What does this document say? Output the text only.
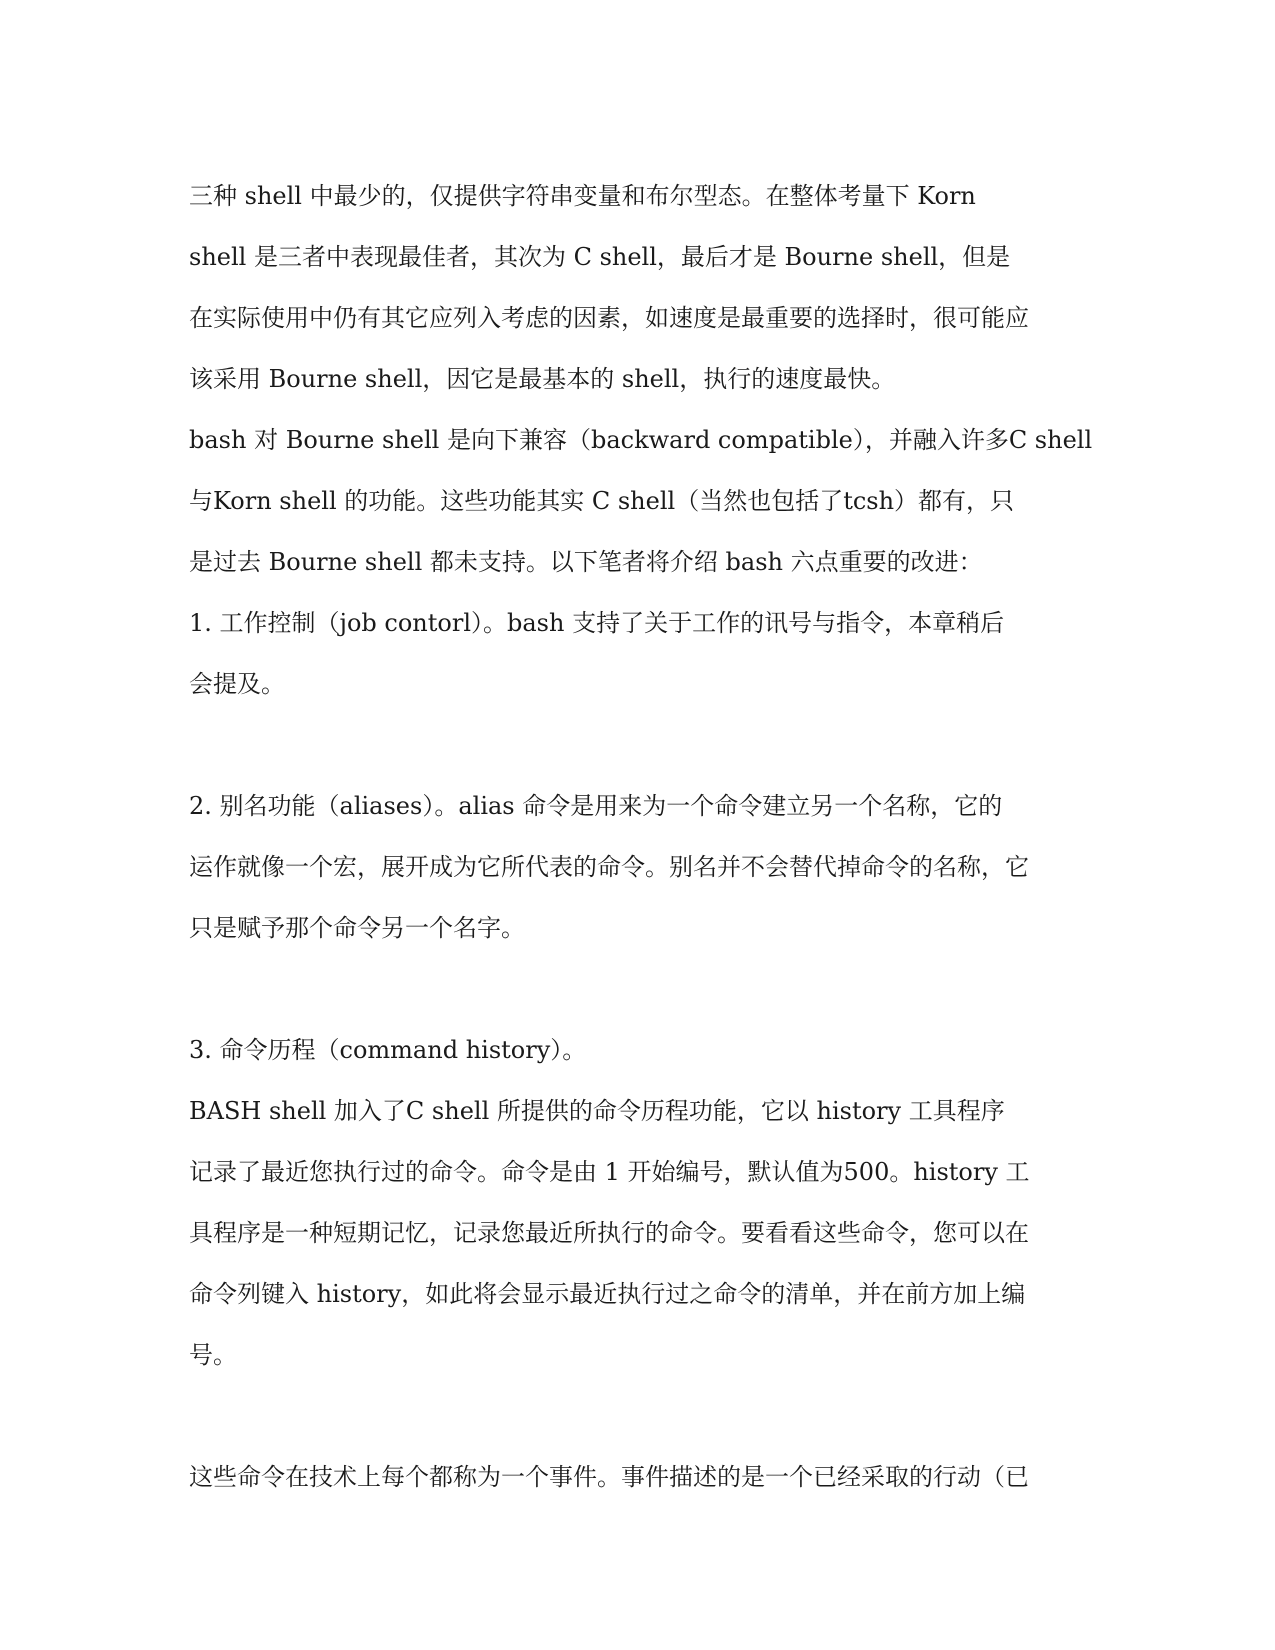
三种 shell 中最少的，仅提供字符串变量和布尔型态。在整体考量下 Korn
shell 是三者中表现最佳者，其次为 C shell，最后才是 Bourne shell，但是
在实际使用中仍有其它应列入考虑的因素，如速度是最重要的选择时，很可能应
该采用 Bourne shell，因它是最基本的 shell，执行的速度最快。
bash 对 Bourne shell 是向下兼容（backward compatible），并融入许多C shell
与Korn shell 的功能。这些功能其实 C shell（当然也包括了tcsh）都有，只
是过去 Bourne shell 都未支持。以下笔者将介绍 bash 六点重要的改进：
1. 工作控制（job contorl）。bash 支持了关于工作的讯号与指令，本章稍后
会提及。
2. 别名功能（aliases）。alias 命令是用来为一个命令建立另一个名称，它的
运作就像一个宏，展开成为它所代表的命令。别名并不会替代掉命令的名称，它
只是赋予那个命令另一个名字。
3. 命令历程（command history）。
BASH shell 加入了C shell 所提供的命令历程功能，它以 history 工具程序
记录了最近您执行过的命令。命令是由 1 开始编号，默认值为500。history 工
具程序是一种短期记忆，记录您最近所执行的命令。要看看这些命令，您可以在
命令列键入 history，如此将会显示最近执行过之命令的清单，并在前方加上编
号。
这些命令在技术上每个都称为一个事件。事件描述的是一个已经采取的行动（已
